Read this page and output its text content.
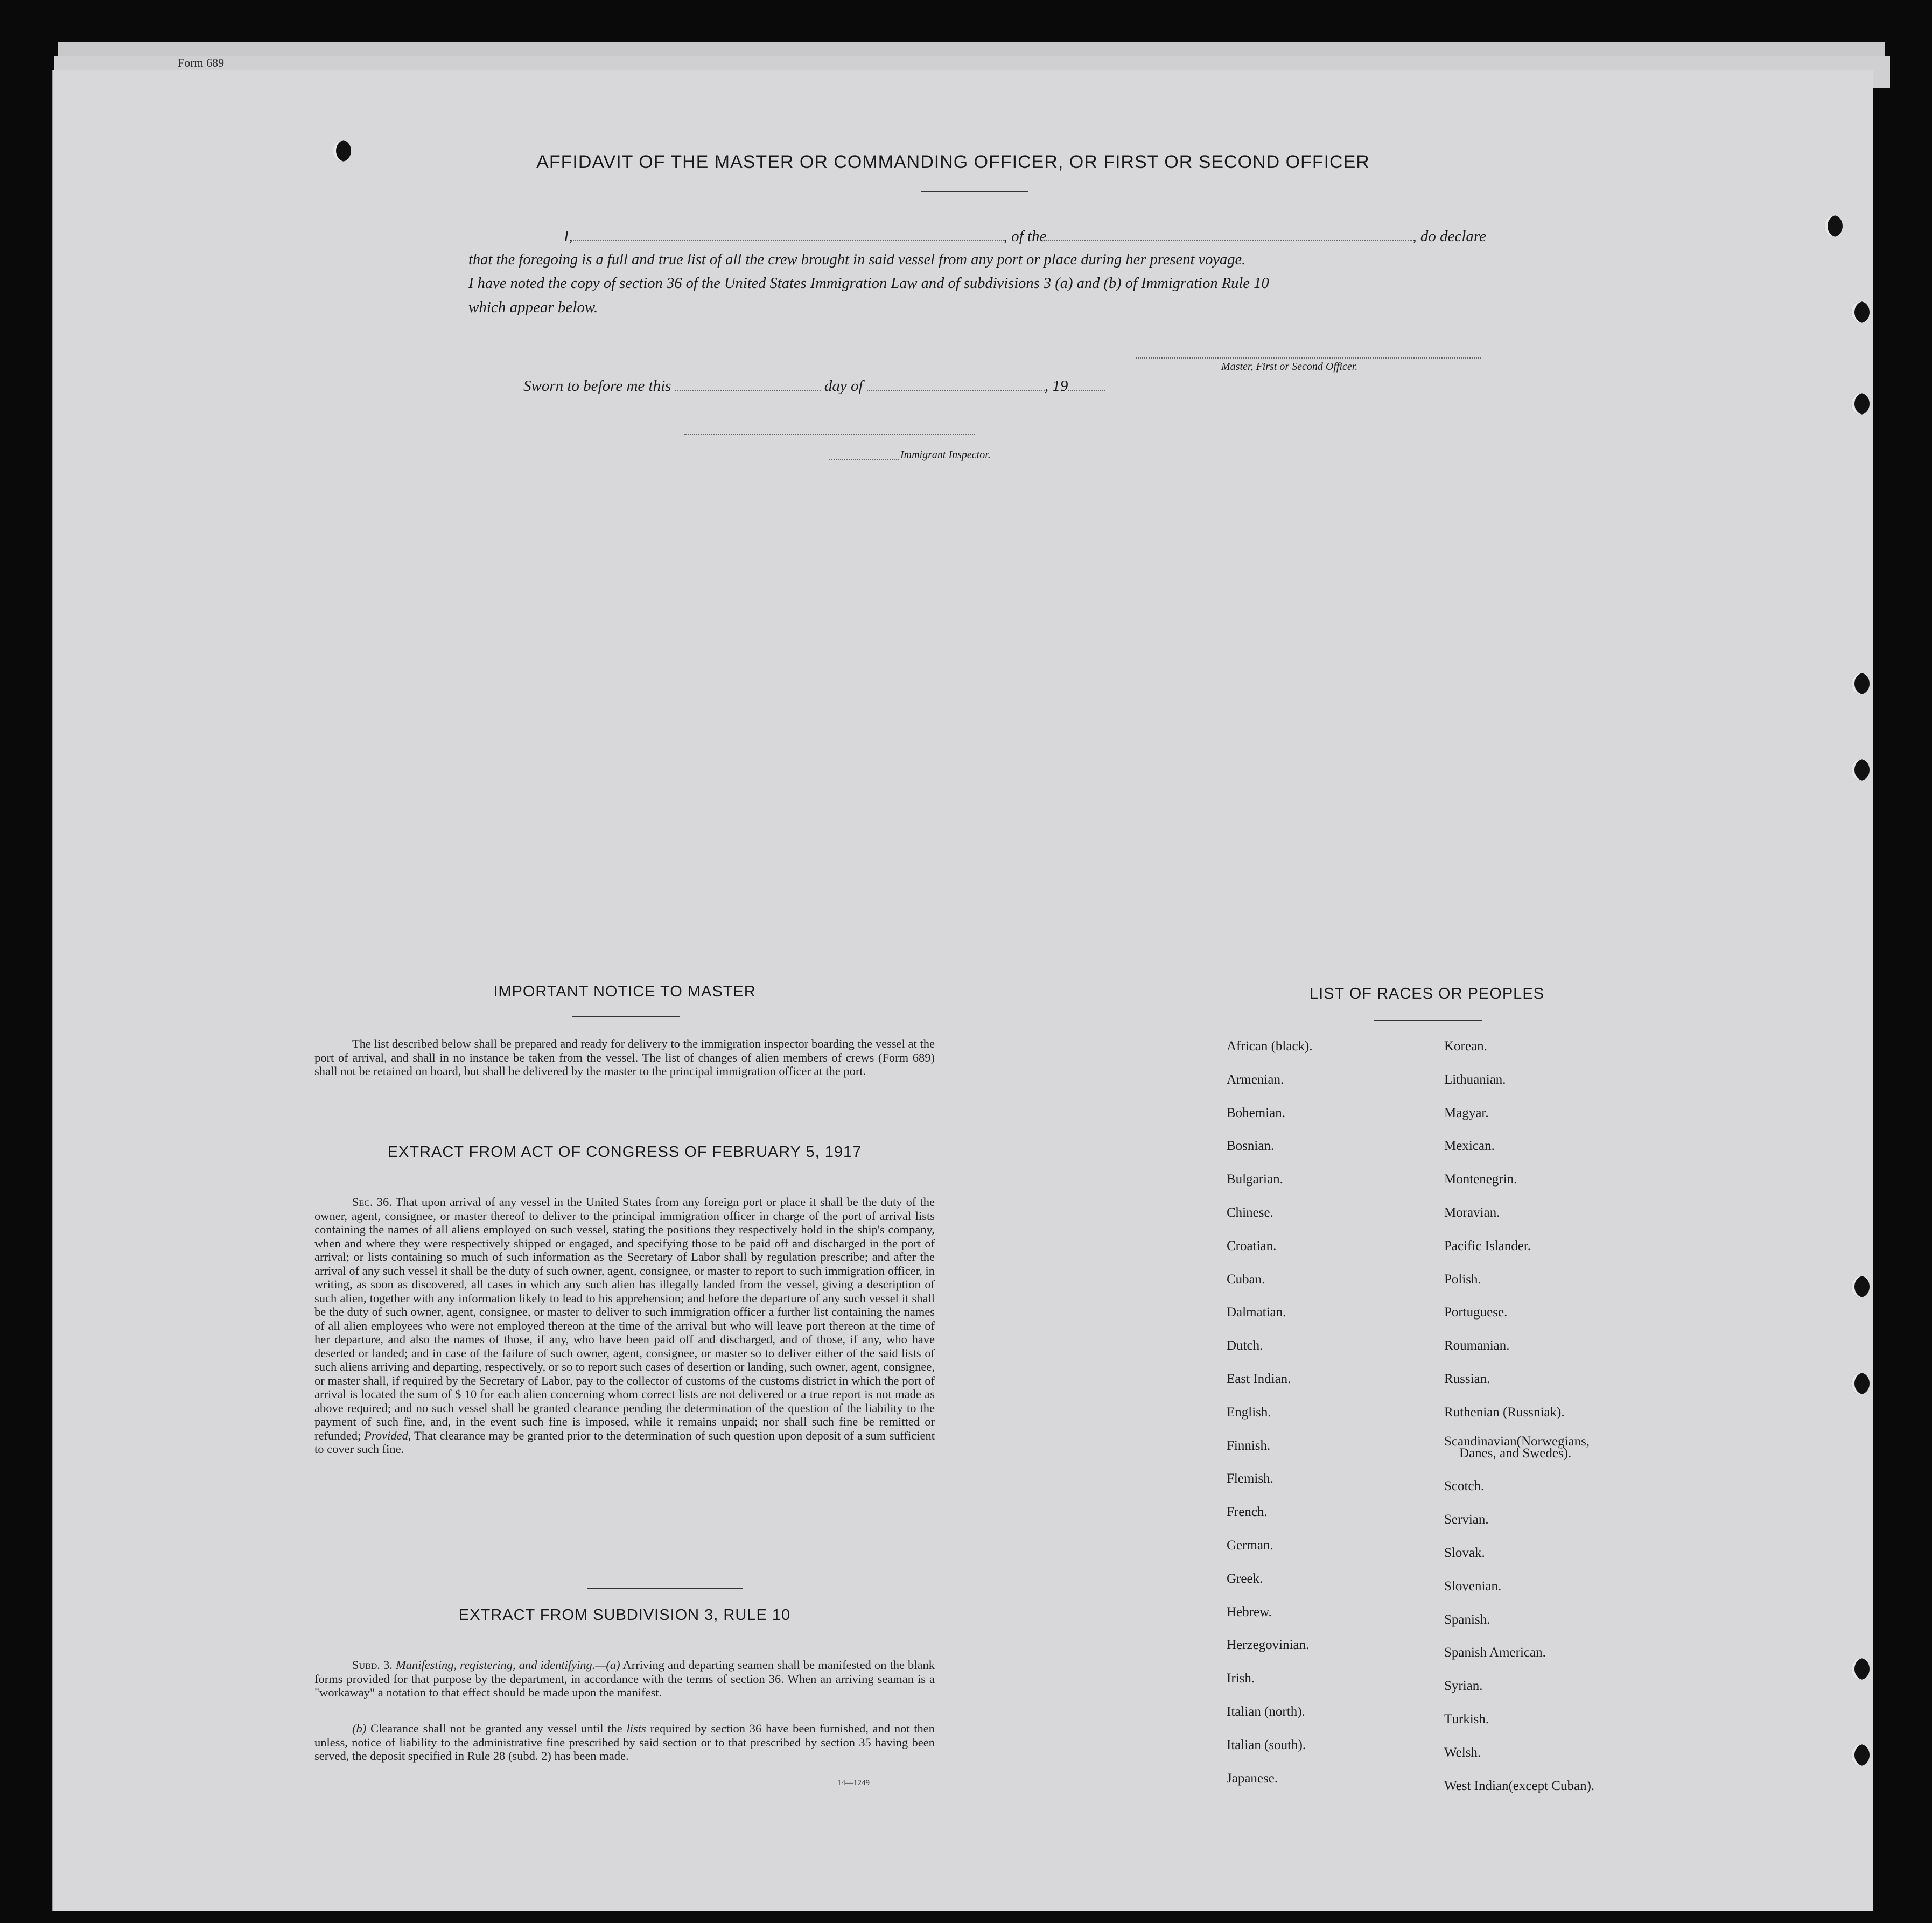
Form 689
AFFIDAVIT OF THE MASTER OR COMMANDING OFFICER, OR FIRST OR SECOND OFFICER
I,	, of the	, do declare
that the foregoing is a full and true list of all the crew brought in said vessel from any port or place during her present voyage.
I have noted the copy of section 36 of the United States Immigration Law and of subdivisions 3 (a) and (b) of Immigration Rule 10
which appear below.
Master, First or Second Officer.
Sworn to before me this	day of	, 19
Immigrant Inspector.
IMPORTANT NOTICE TO MASTER
The list described below shall be prepared and ready for delivery to the immigration inspector boarding the vessel at the port of arrival, and shall in no instance be taken from the vessel. The list of changes of alien members of crews (Form 689) shall not be retained on board, but shall be delivered by the master to the principal immigration officer at the port.
EXTRACT FROM ACT OF CONGRESS OF FEBRUARY 5, 1917
Sec. 36. That upon arrival of any vessel in the United States from any foreign port or place it shall be the duty of the owner, agent, consignee, or master thereof to deliver to the principal immigration officer in charge of the port of arrival lists containing the names of all aliens employed on such vessel, stating the positions they respectively hold in the ship's company, when and where they were respectively shipped or engaged, and specifying those to be paid off and discharged in the port of arrival; or lists containing so much of such information as the Secretary of Labor shall by regulation prescribe; and after the arrival of any such vessel it shall be the duty of such owner, agent, consignee, or master to report to such immigration officer, in writing, as soon as discovered, all cases in which any such alien has illegally landed from the vessel, giving a description of such alien, together with any information likely to lead to his apprehension; and before the departure of any such vessel it shall be the duty of such owner, agent, consignee, or master to deliver to such immigration officer a further list containing the names of all alien employees who were not employed thereon at the time of the arrival but who will leave port thereon at the time of her departure, and also the names of those, if any, who have been paid off and discharged, and of those, if any, who have deserted or landed; and in case of the failure of such owner, agent, consignee, or master so to deliver either of the said lists of such aliens arriving and departing, respectively, or so to report such cases of desertion or landing, such owner, agent, consignee, or master shall, if required by the Secretary of Labor, pay to the collector of customs of the customs district in which the port of arrival is located the sum of $ 10 for each alien concerning whom correct lists are not delivered or a true report is not made as above required; and no such vessel shall be granted clearance pending the determination of the question of the liability to the payment of such fine, and, in the event such fine is imposed, while it remains unpaid; nor shall such fine be remitted or refunded; Provided, That clearance may be granted prior to the determination of such question upon deposit of a sum sufficient to cover such fine.
EXTRACT FROM SUBDIVISION 3, RULE 10
Subd. 3. Manifesting, registering, and identifying.—(a) Arriving and departing seamen shall be manifested on the blank forms provided for that purpose by the department, in accordance with the terms of section 36. When an arriving seaman is a "workaway" a notation to that effect should be made upon the manifest.
(b) Clearance shall not be granted any vessel until the lists required by section 36 have been furnished, and not then unless, notice of liability to the administrative fine prescribed by said section or to that prescribed by section 35 having been served, the deposit specified in Rule 28 (subd. 2) has been made.
14—1249
LIST OF RACES OR PEOPLES
African (black).
Armenian.
Bohemian.
Bosnian.
Bulgarian.
Chinese.
Croatian.
Cuban.
Dalmatian.
Dutch.
East Indian.
English.
Finnish.
Flemish.
French.
German.
Greek.
Hebrew.
Herzegovinian.
Irish.
Italian (north).
Italian (south).
Japanese.
Korean.
Lithuanian.
Magyar.
Mexican.
Montenegrin.
Moravian.
Pacific Islander.
Polish.
Portuguese.
Roumanian.
Russian.
Ruthenian (Russniak).
Scandinavian(Norwegians,
Scotch.
Servian.
Slovak.
Slovenian.
Spanish.
Spanish American.
Syrian.
Turkish.
Welsh.
West Indian(except Cuban).
Danes, and Swedes).
